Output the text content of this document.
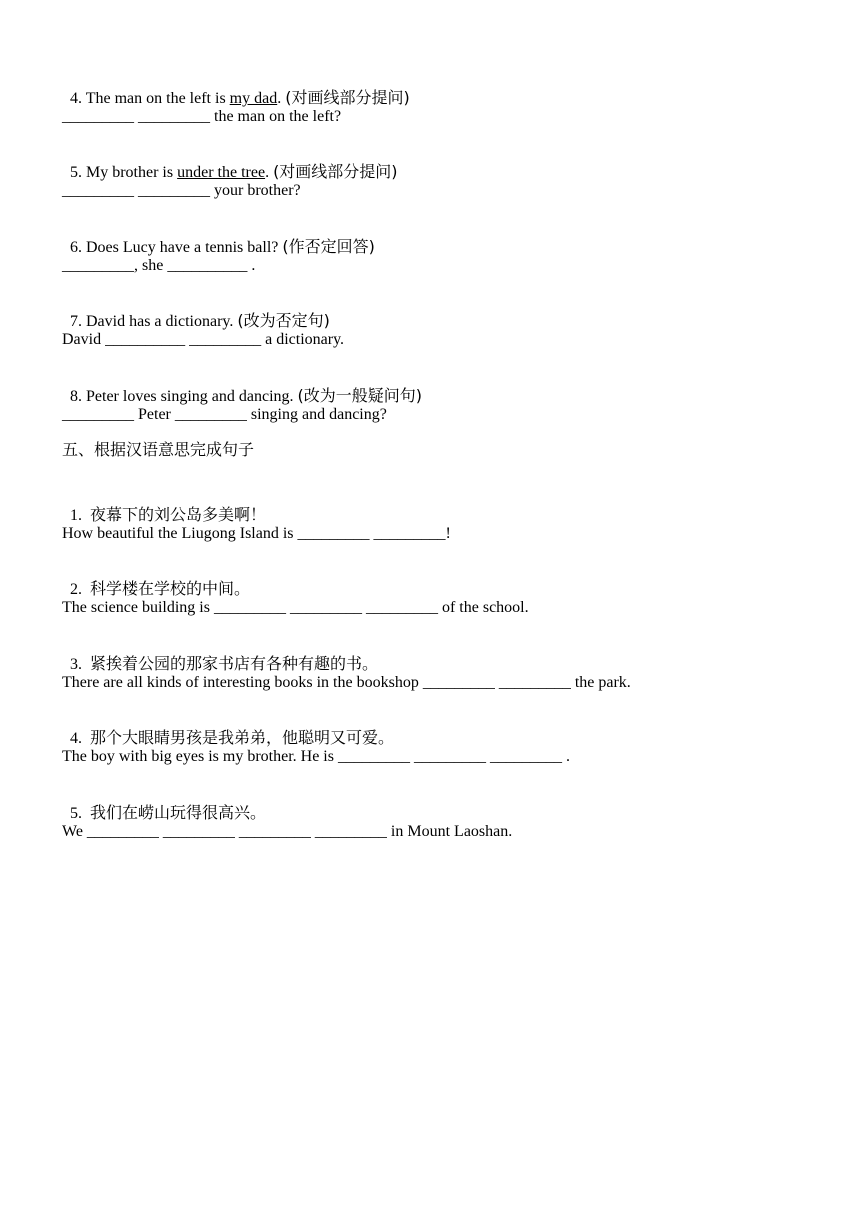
4. The man on the left is my dad. (对画线部分提问)

_________ _________ the man on the left?

5. My brother is under the tree. (对画线部分提问)

_________ _________ your brother?

6. Does Lucy have a tennis ball? (作否定回答)

_________, she __________ .

7. David has a dictionary. (改为否定句)

David __________ _________ a dictionary.

8. Peter loves singing and dancing. (改为一般疑问句)

_________ Peter _________ singing and dancing?
五、根据汉语意思完成句子

1. 夜幕下的刘公岛多美啊！

How beautiful the Liugong Island is _________ _________!

2. 科学楼在学校的中间。

The science building is _________ _________ _________ of the school.

3. 紧挨着公园的那家书店有各种有趣的书。

There are all kinds of interesting books in the bookshop _________ _________ the park.

4. 那个大眼睛男孩是我弟弟，他聪明又可爱。

The boy with big eyes is my brother. He is _________ _________ _________ .

5. 我们在崂山玩得很高兴。

We _________ _________ _________ _________ in Mount Laoshan.
